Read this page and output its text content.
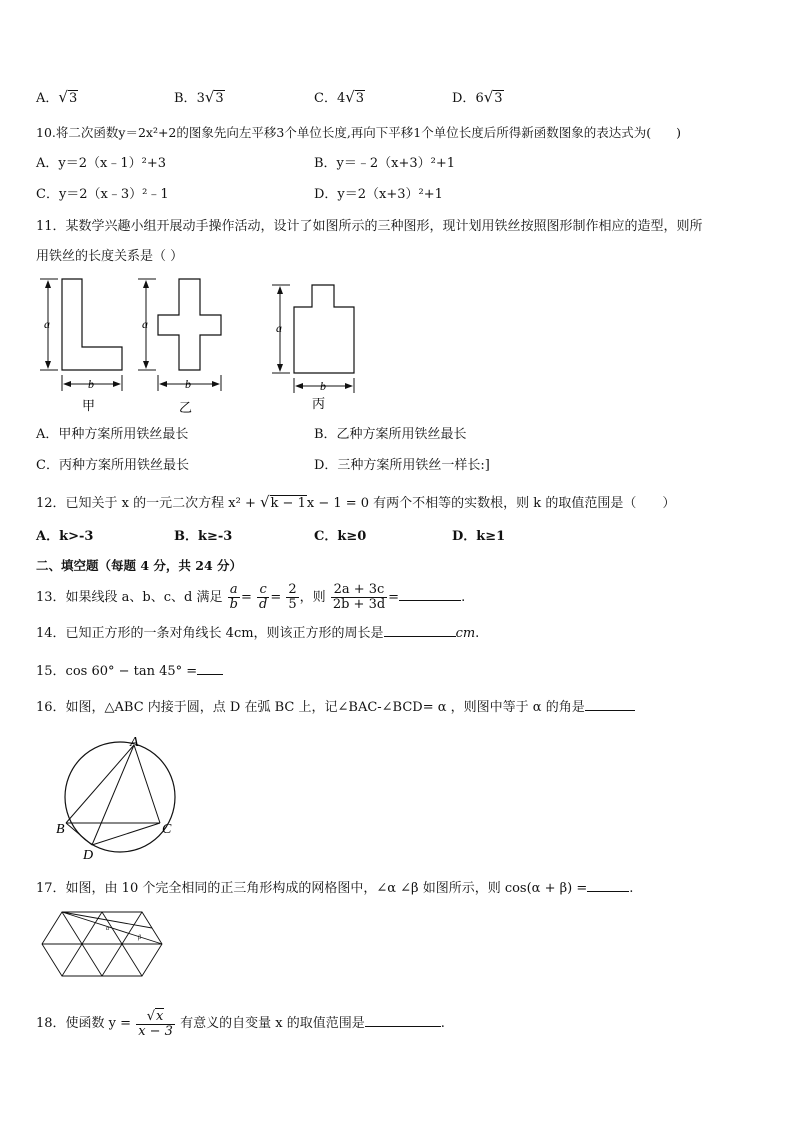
A．√3	B．3√3	C．4√3	D．6√3
10.将二次函数y＝2x²+2的图象先向左平移3个单位长度,再向下平移1个单位长度后所得新函数图象的表达式为(　　)
A．y＝2（x﹣1）²+3	B．y＝﹣2（x+3）²+1
C．y＝2（x﹣3）²﹣1	D．y＝2（x+3）²+1
11．某数学兴趣小组开展动手操作活动，设计了如图所示的三种图形，现计划用铁丝按照图形制作相应的造型，则所
用铁丝的长度关系是（ ）
a
b
甲
a
b
乙
a
b
丙
A．甲种方案所用铁丝最长	B．乙种方案所用铁丝最长
C．丙种方案所用铁丝最长	D．三种方案所用铁丝一样长:]
12．已知关于 x 的一元二次方程 x² + √k − 1x − 1 = 0 有两个不相等的实数根，则 k 的取值范围是（　　）
A．k>-3	B．k≥-3	C．k≥0	D．k≥1
二、填空题（每题 4 分，共 24 分）
13．如果线段 a、b、c、d 满足 $\frac{a}{b} = \frac{c}{d} = \frac{2}{5}$ ，则 $\frac{2a + 3c}{2b + 3d}$ =	.
14．已知正方形的一条对角线长 4cm，则该正方形的周长是	cm.
15．cos 60° − tan 45° =
16．如图，△ABC 内接于圆，点 D 在弧 BC 上，记∠BAC-∠BCD= α ，则图中等于 α 的角是
A
B	C
D
17．如图，由 10 个完全相同的正三角形构成的网格图中，∠α ∠β 如图所示，则 cos(α + β) =	.
α
β
18．使函数 $y = \frac{√x}{x - 3}$ 有意义的自变量 x 的取值范围是	.
